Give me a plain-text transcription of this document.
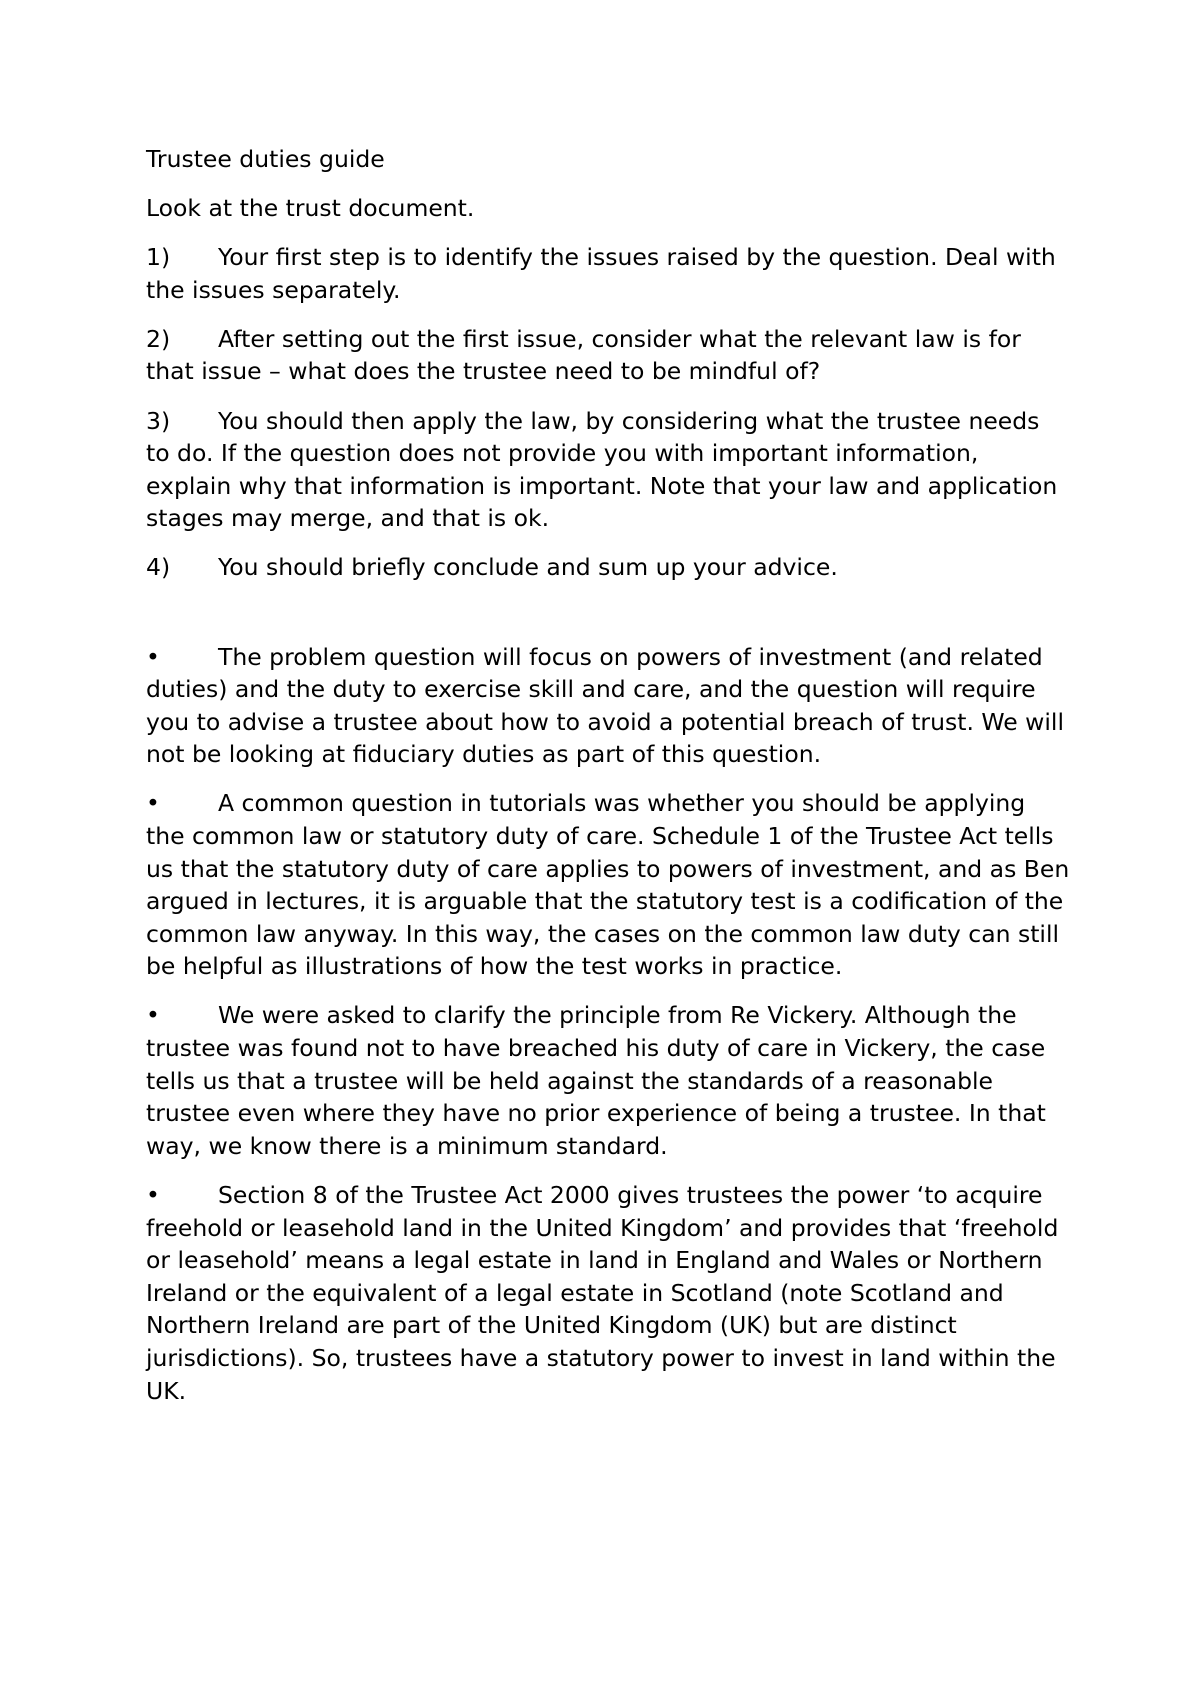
Trustee duties guide

Look at the trust document.

1) Your first step is to identify the issues raised by the question. Deal with the issues separately.

2) After setting out the first issue, consider what the relevant law is for that issue – what does the trustee need to be mindful of?

3) You should then apply the law, by considering what the trustee needs to do. If the question does not provide you with important information, explain why that information is important. Note that your law and application stages may merge, and that is ok.

4) You should briefly conclude and sum up your advice.

• The problem question will focus on powers of investment (and related duties) and the duty to exercise skill and care, and the question will require you to advise a trustee about how to avoid a potential breach of trust. We will not be looking at fiduciary duties as part of this question.

• A common question in tutorials was whether you should be applying the common law or statutory duty of care. Schedule 1 of the Trustee Act tells us that the statutory duty of care applies to powers of investment, and as Ben argued in lectures, it is arguable that the statutory test is a codification of the common law anyway. In this way, the cases on the common law duty can still be helpful as illustrations of how the test works in practice.

• We were asked to clarify the principle from Re Vickery. Although the trustee was found not to have breached his duty of care in Vickery, the case tells us that a trustee will be held against the standards of a reasonable trustee even where they have no prior experience of being a trustee. In that way, we know there is a minimum standard.

• Section 8 of the Trustee Act 2000 gives trustees the power ‘to acquire freehold or leasehold land in the United Kingdom’ and provides that ‘freehold or leasehold’ means a legal estate in land in England and Wales or Northern Ireland or the equivalent of a legal estate in Scotland (note Scotland and Northern Ireland are part of the United Kingdom (UK) but are distinct jurisdictions). So, trustees have a statutory power to invest in land within the UK.
